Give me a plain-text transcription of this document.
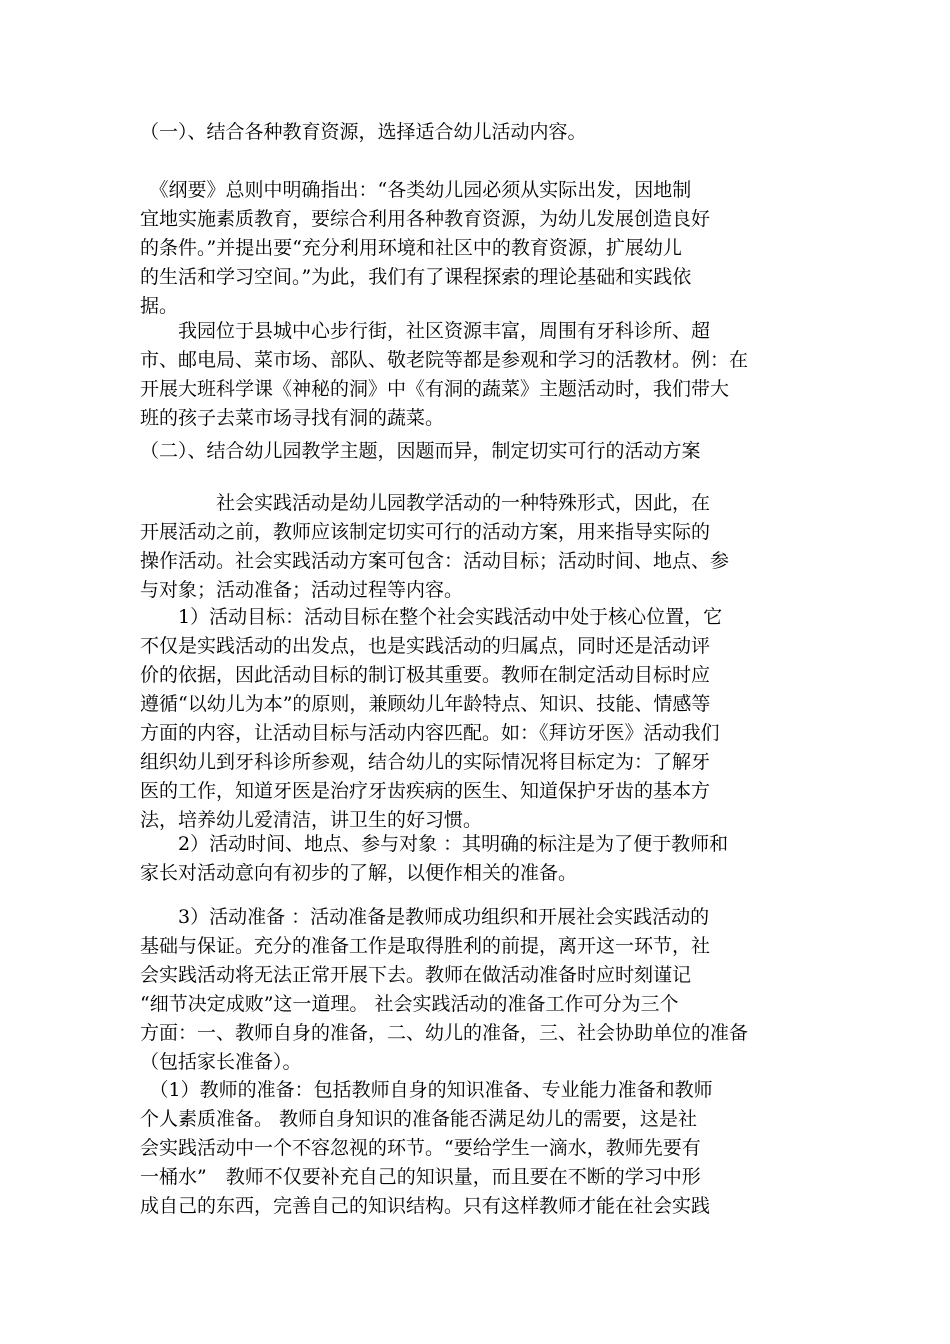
（一）、结合各种教育资源，选择适合幼儿活动内容。

　《纲要》总则中明确指出：“各类幼儿园必须从实际出发，因地制
宜地实施素质教育，要综合利用各种教育资源，为幼儿发展创造良好
的条件。”并提出要“充分利用环境和社区中的教育资源，扩展幼儿
的生活和学习空间。”为此，我们有了课程探索的理论基础和实践依
据。

　　我园位于县城中心步行街，社区资源丰富，周围有牙科诊所、超
市、邮电局、菜市场、部队、敬老院等都是参观和学习的活教材。例：在
开展大班科学课《神秘的洞》中《有洞的蔬菜》主题活动时，我们带大
班的孩子去菜市场寻找有洞的蔬菜。

（二）、结合幼儿园教学主题，因题而异，制定切实可行的活动方案

　　　　社会实践活动是幼儿园教学活动的一种特殊形式，因此，在
开展活动之前，教师应该制定切实可行的活动方案，用来指导实际的
操作活动。社会实践活动方案可包含：活动目标；活动时间、地点、参
与对象；活动准备；活动过程等内容。

　　1）活动目标：活动目标在整个社会实践活动中处于核心位置，它
不仅是实践活动的出发点，也是实践活动的归属点，同时还是活动评
价的依据，因此活动目标的制订极其重要。教师在制定活动目标时应
遵循“以幼儿为本”的原则，兼顾幼儿年龄特点、知识、技能、情感等
方面的内容，让活动目标与活动内容匹配。如：《拜访牙医》活动我们
组织幼儿到牙科诊所参观，结合幼儿的实际情况将目标定为：了解牙
医的工作，知道牙医是治疗牙齿疾病的医生、知道保护牙齿的基本方
法，培养幼儿爱清洁，讲卫生的好习惯。

　　2）活动时间、地点、参与对象 ：其明确的标注是为了便于教师和
家长对活动意向有初步的了解，以便作相关的准备。

　　3）活动准备 ：活动准备是教师成功组织和开展社会实践活动的
基础与保证。充分的准备工作是取得胜利的前提，离开这一环节，社
会实践活动将无法正常开展下去。教师在做活动准备时应时刻谨记
“细节决定成败”这一道理。 社会实践活动的准备工作可分为三个
方面：一、教师自身的准备，二、幼儿的准备，三、社会协助单位的准备
（包括家长准备）。

　（1）教师的准备：包括教师自身的知识准备、专业能力准备和教师
个人素质准备。 教师自身知识的准备能否满足幼儿的需要，这是社
会实践活动中一个不容忽视的环节。“要给学生一滴水，教师先要有
一桶水”　教师不仅要补充自己的知识量，而且要在不断的学习中形
成自己的东西，完善自己的知识结构。只有这样教师才能在社会实践
